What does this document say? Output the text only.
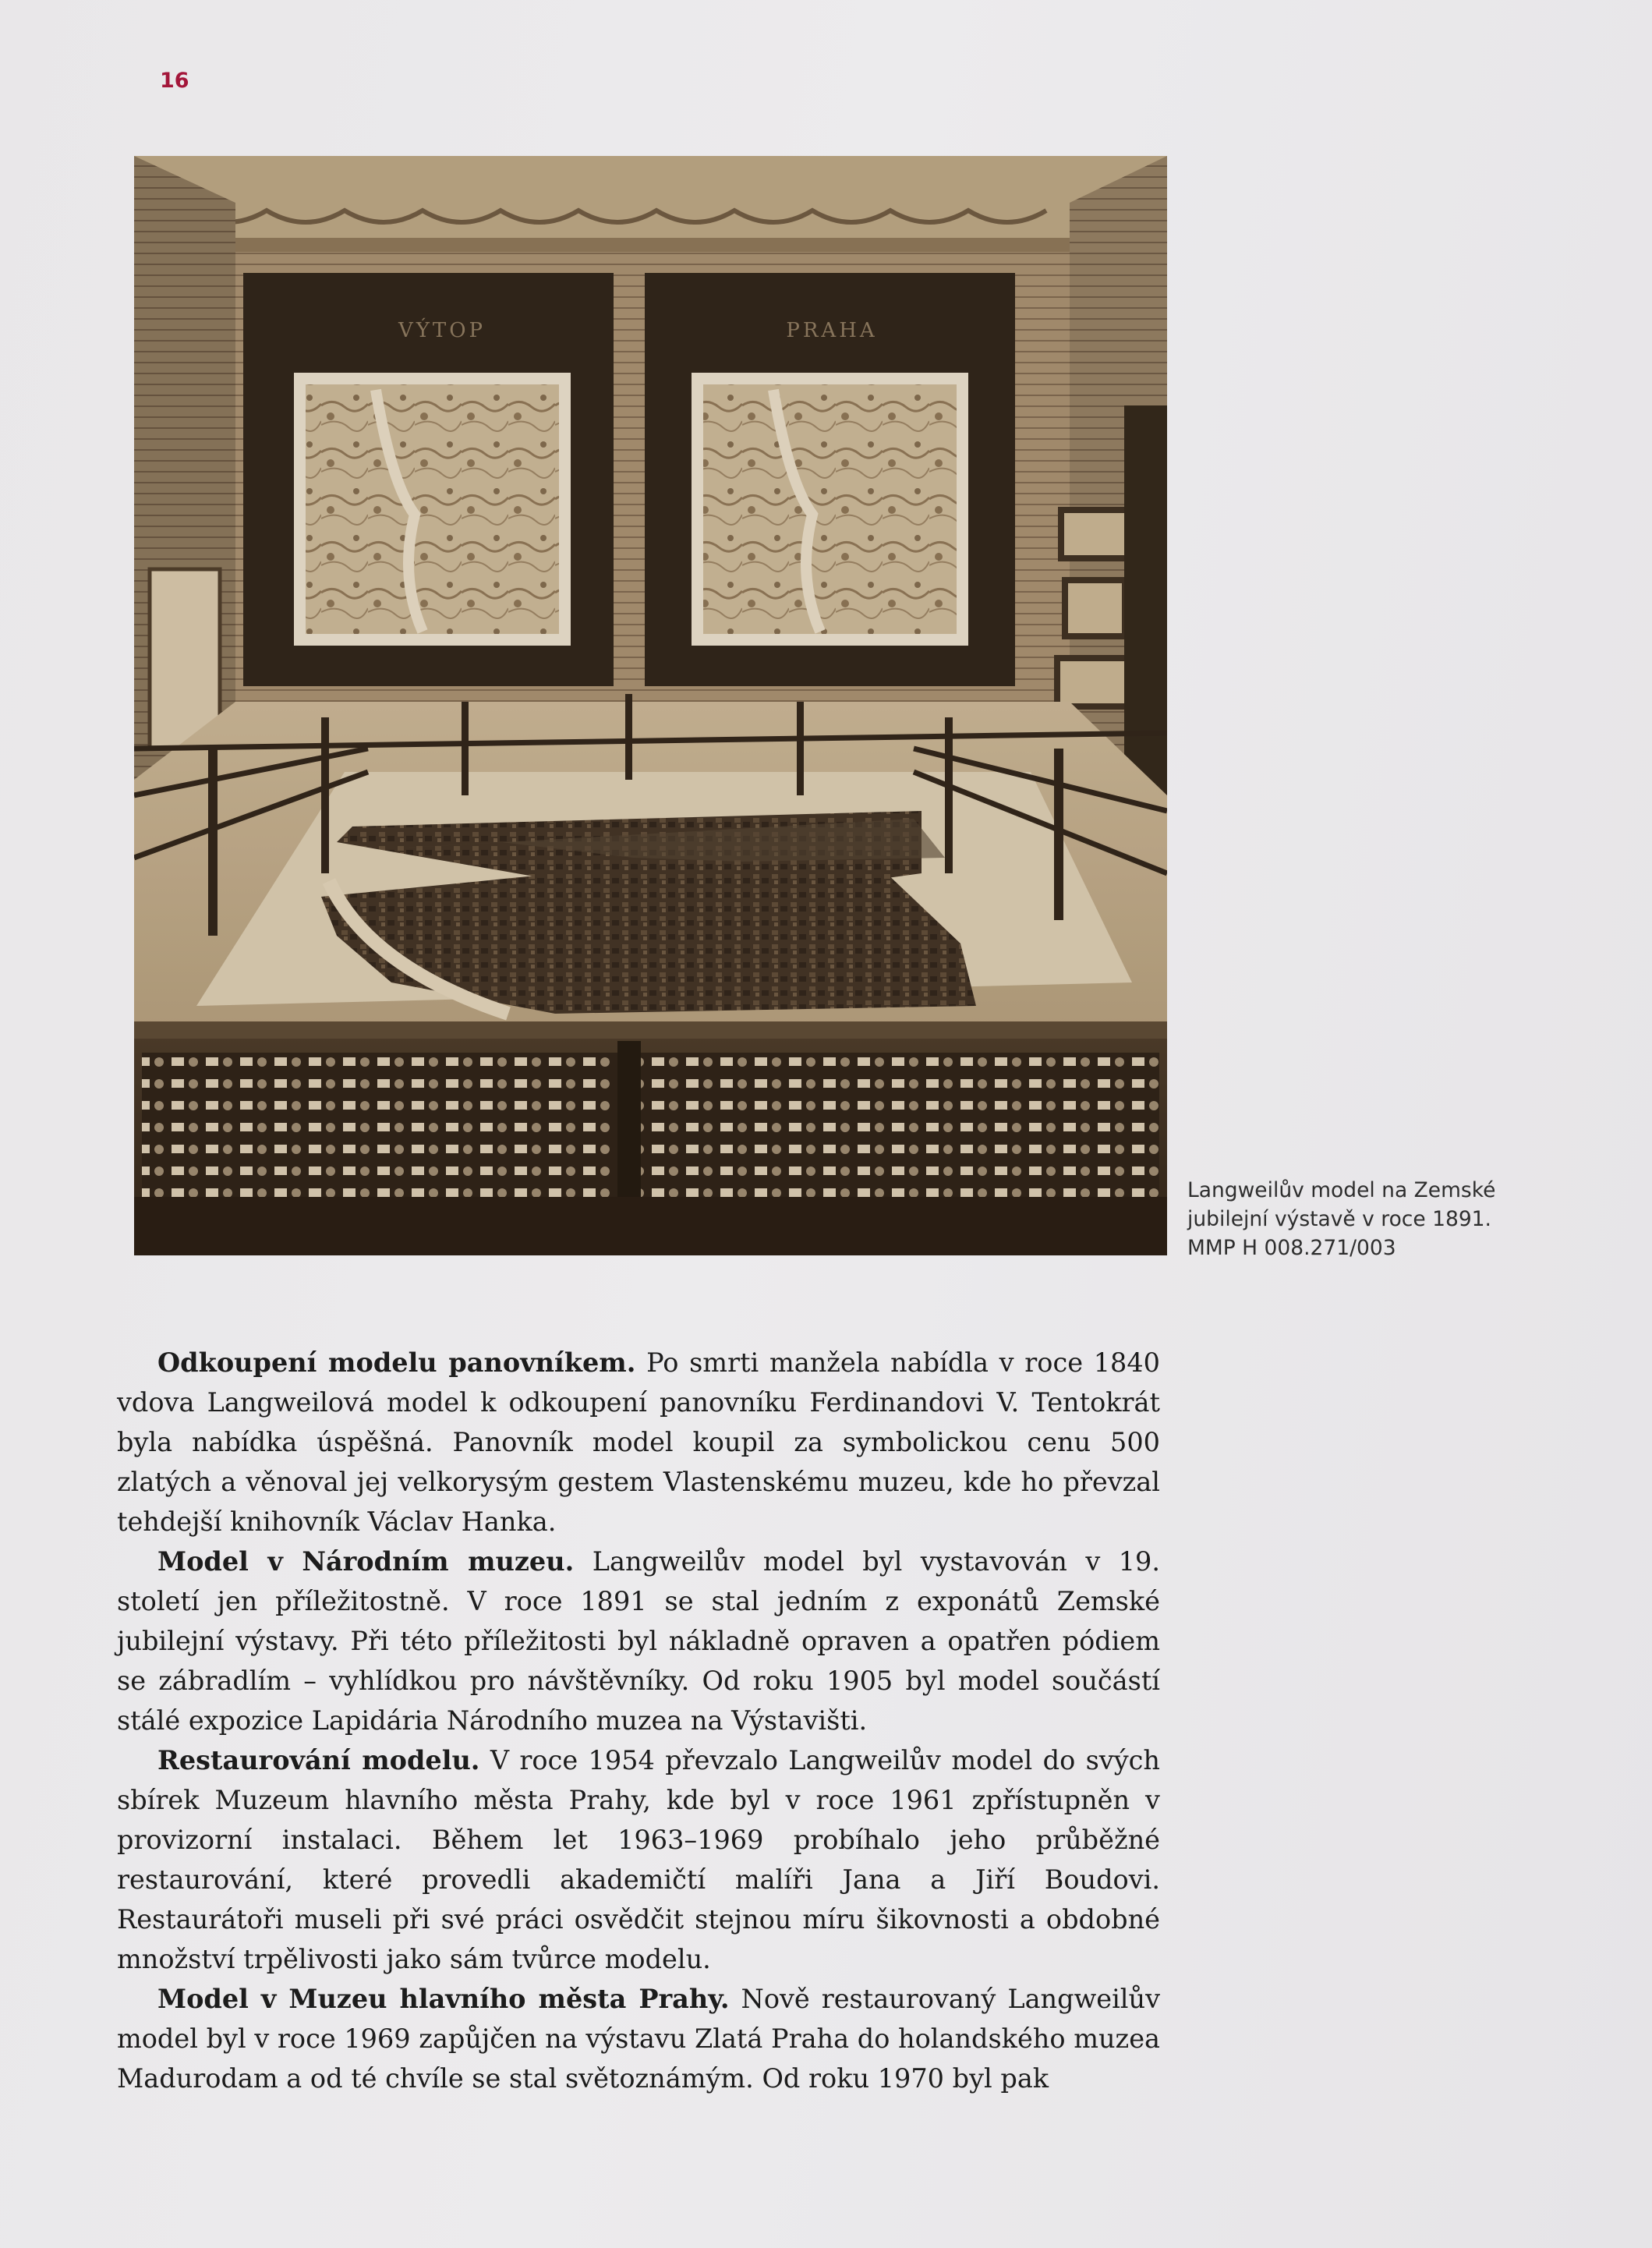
16
VÝTOP	PRAHA
Langweilův model na Zemské
jubilejní výstavě v roce 1891.
MMP H 008.271/003

Odkoupení modelu panovníkem. Po smrti manžela nabídla v roce 1840 vdova Langweilová model k odkoupení panovníku Ferdinandovi V. Tentokrát byla nabídka úspěšná. Panovník model koupil za symbolickou cenu 500 zlatých a věnoval jej velkorysým gestem Vlastenskému muzeu, kde ho převzal tehdejší knihovník Václav Hanka.

Model v Národním muzeu. Langweilův model byl vystavován v 19. století jen příležitostně. V roce 1891 se stal jedním z exponátů Zemské jubilejní výstavy. Při této příležitosti byl nákladně opraven a opatřen pódiem se zábradlím – vyhlídkou pro návštěvníky. Od roku 1905 byl model součástí stálé expozice Lapidária Národního muzea na Výstavišti.

Restaurování modelu. V roce 1954 převzalo Langweilův model do svých sbírek Muzeum hlavního města Prahy, kde byl v roce 1961 zpřístupněn v provizorní instalaci. Během let 1963–1969 probíhalo jeho průběžné restaurování, které provedli akademičtí malíři Jana a Jiří Boudovi. Restaurátoři museli při své práci osvědčit stejnou míru šikovnosti a obdobné množství trpělivosti jako sám tvůrce modelu.

Model v Muzeu hlavního města Prahy. Nově restaurovaný Langweilův model byl v roce 1969 zapůjčen na výstavu Zlatá Praha do holandského muzea Madurodam a od té chvíle se stal světoznámým. Od roku 1970 byl pak
